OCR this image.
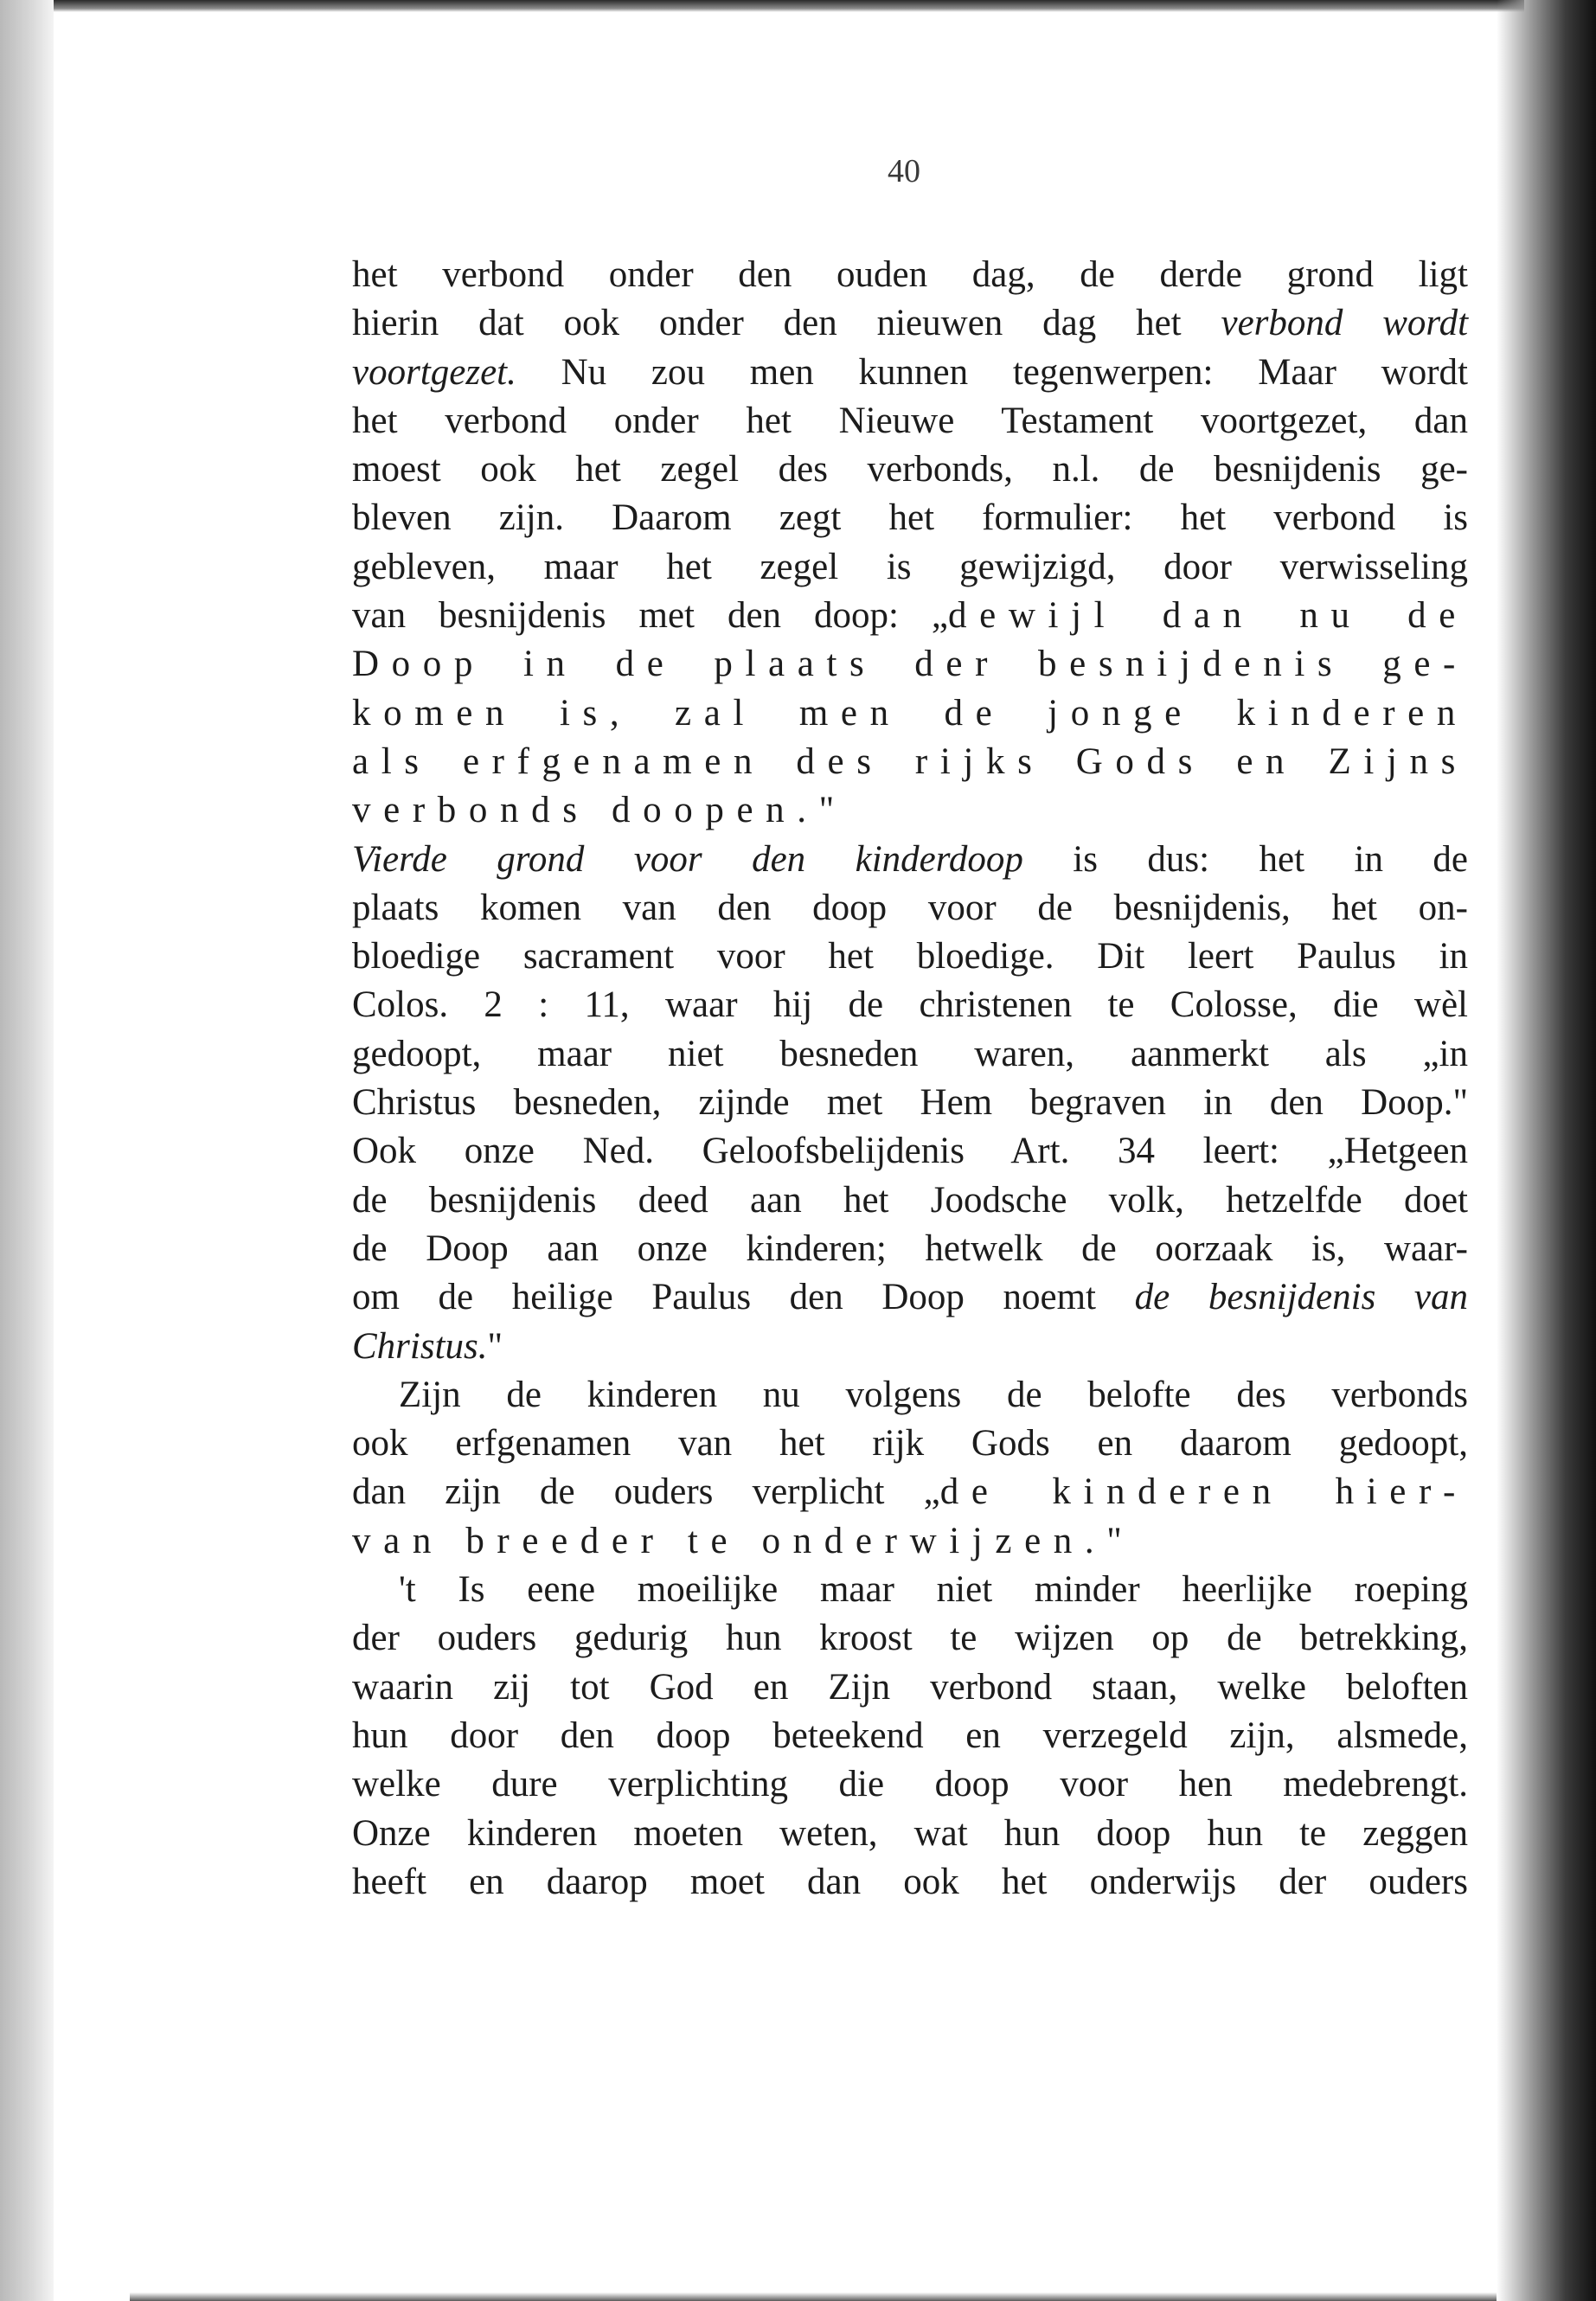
40
het verbond onder den ouden dag, de derde grond ligt
hierin dat ook onder den nieuwen dag het verbond wordt
voortgezet. Nu zou men kunnen tegenwerpen: Maar wordt
het verbond onder het Nieuwe Testament voortgezet, dan
moest ook het zegel des verbonds, n.l. de besnijdenis ge-
bleven zijn. Daarom zegt het formulier: het verbond is
gebleven, maar het zegel is gewijzigd, door verwisseling
van besnijdenis met den doop: „dewijl dan nu de
Doop in de plaats der besnijdenis ge-
komen is, zal men de jonge kinderen
als erfgenamen des rijks Gods en Zijns
verbonds doopen."
Vierde grond voor den kinderdoop is dus: het in de
plaats komen van den doop voor de besnijdenis, het on-
bloedige sacrament voor het bloedige. Dit leert Paulus in
Colos. 2 : 11, waar hij de christenen te Colosse, die wèl
gedoopt, maar niet besneden waren, aanmerkt als „in
Christus besneden, zijnde met Hem begraven in den Doop."
Ook onze Ned. Geloofsbelijdenis Art. 34 leert: „Hetgeen
de besnijdenis deed aan het Joodsche volk, hetzelfde doet
de Doop aan onze kinderen; hetwelk de oorzaak is, waar-
om de heilige Paulus den Doop noemt de besnijdenis van
Christus."
Zijn de kinderen nu volgens de belofte des verbonds
ook erfgenamen van het rijk Gods en daarom gedoopt,
dan zijn de ouders verplicht „de kinderen hier-
van breeder te onderwijzen."
't Is eene moeilijke maar niet minder heerlijke roeping
der ouders gedurig hun kroost te wijzen op de betrekking,
waarin zij tot God en Zijn verbond staan, welke beloften
hun door den doop beteekend en verzegeld zijn, alsmede,
welke dure verplichting die doop voor hen medebrengt.
Onze kinderen moeten weten, wat hun doop hun te zeggen
heeft en daarop moet dan ook het onderwijs der ouders
